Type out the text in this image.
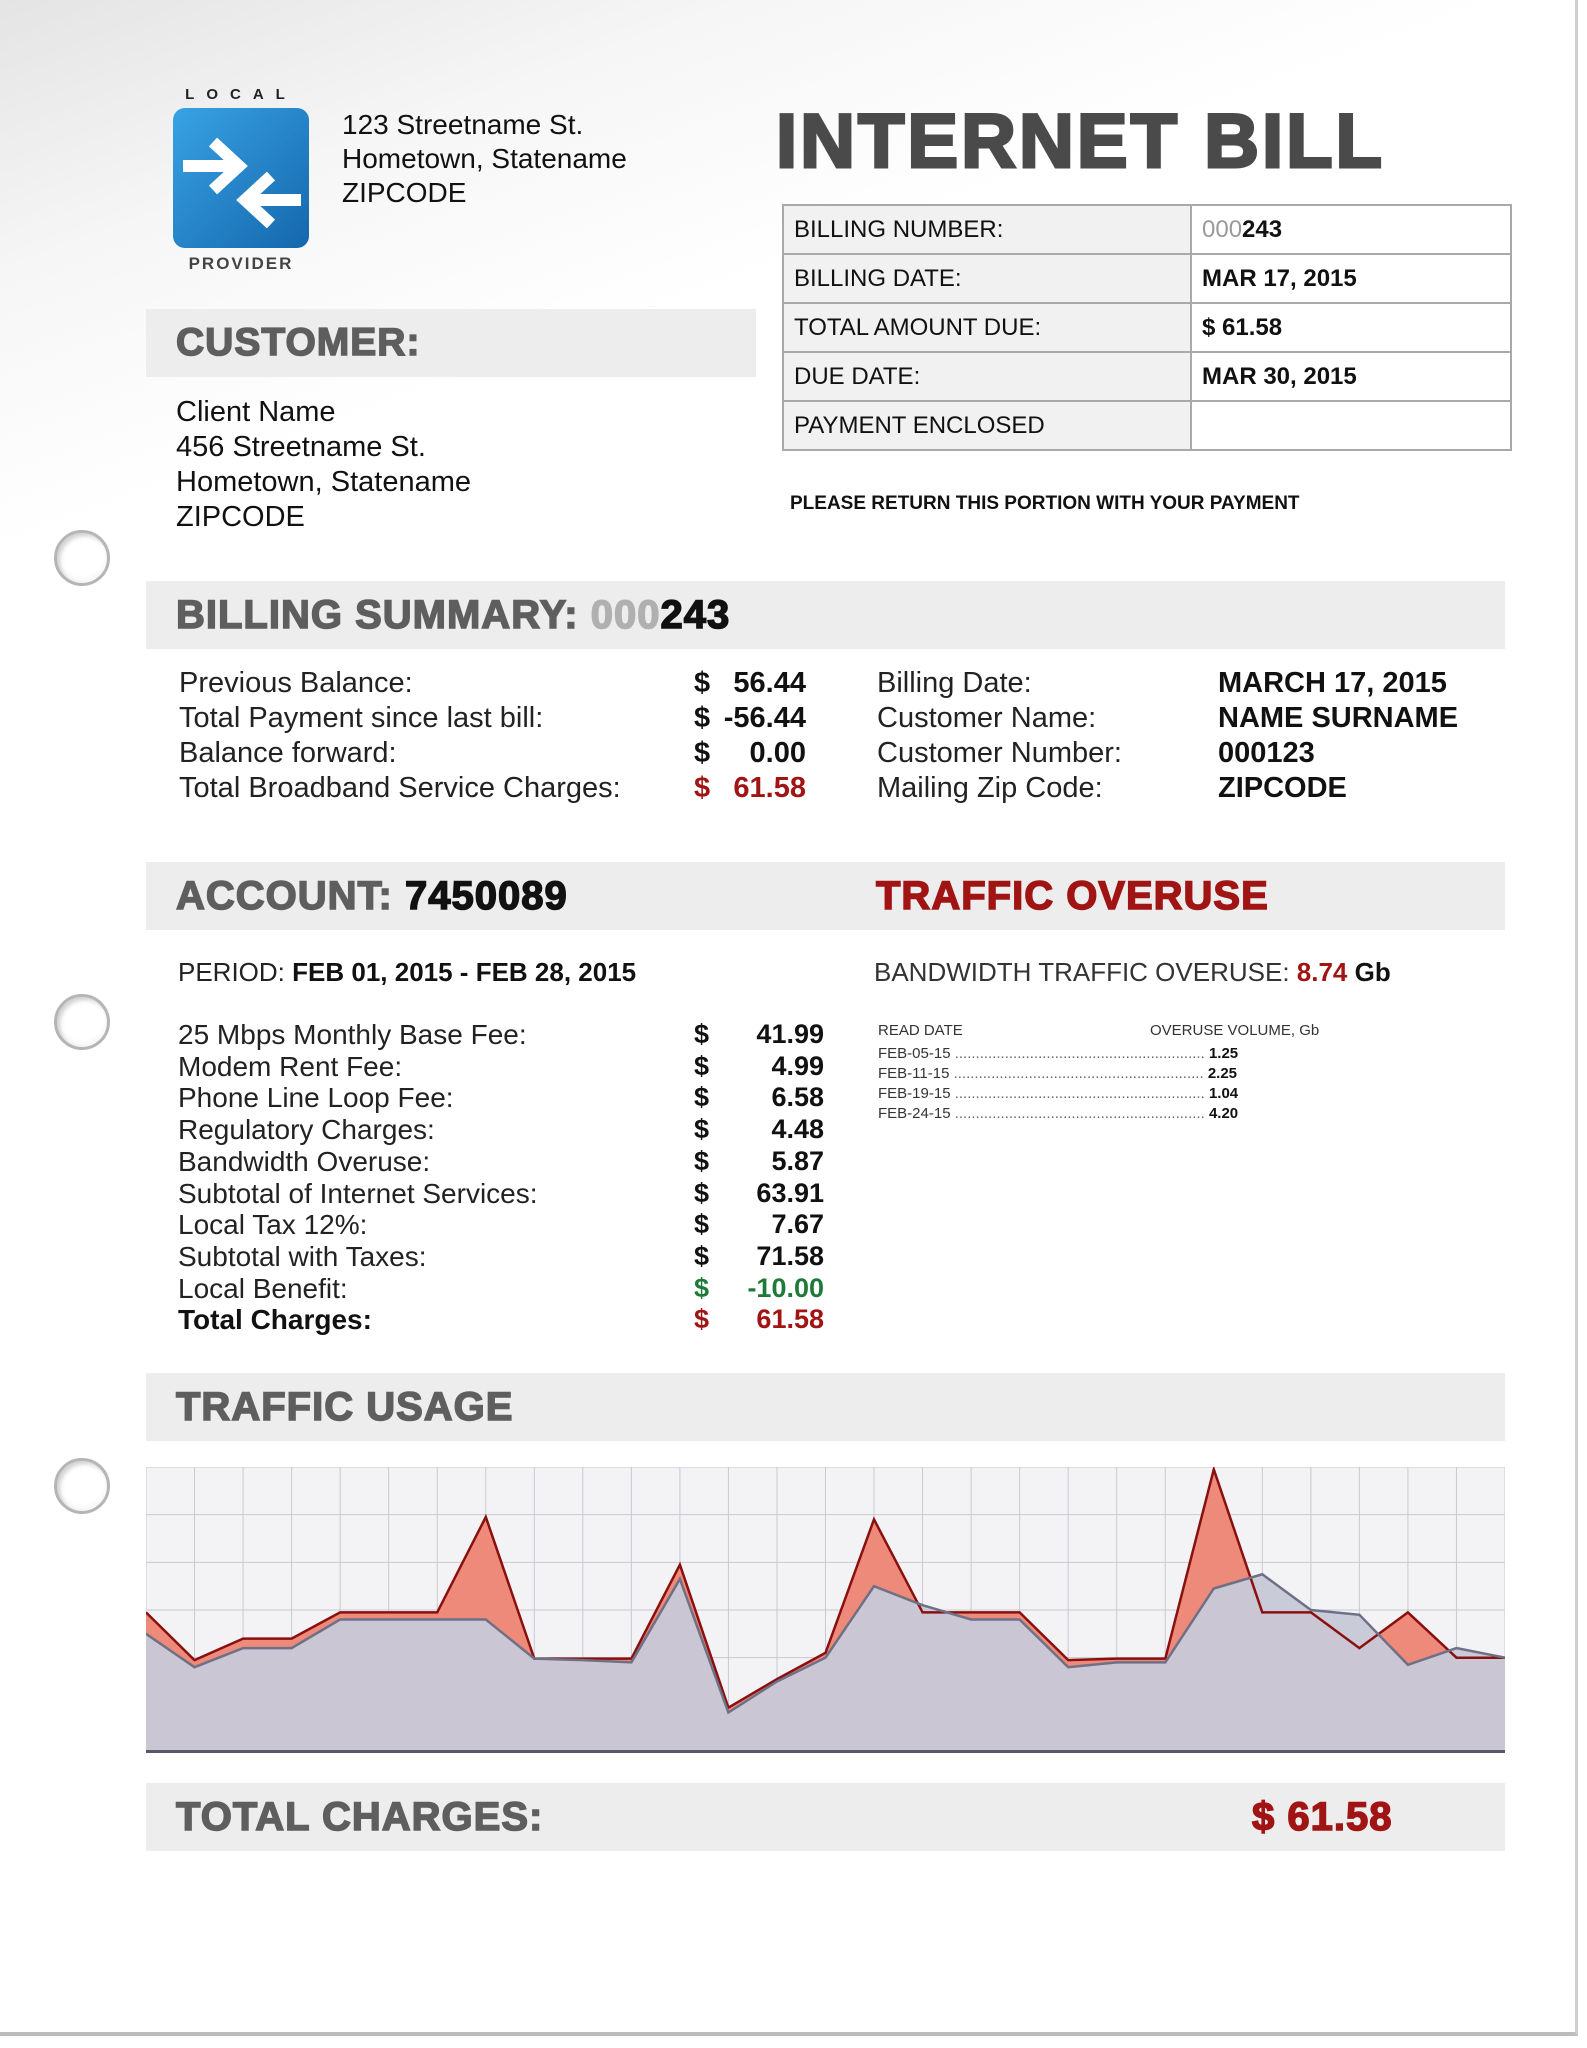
LOCAL
PROVIDER
123 Streetname St.
Hometown, Statename
ZIPCODE
INTERNET BILL
BILLING NUMBER:	000243
BILLING DATE:	MAR 17, 2015
TOTAL AMOUNT DUE:	$ 61.58
DUE DATE:	MAR 30, 2015
PAYMENT ENCLOSED	
PLEASE RETURN THIS PORTION WITH YOUR PAYMENT
CUSTOMER:
Client Name
456 Streetname St.
Hometown, Statename
ZIPCODE
BILLING SUMMARY: 000243
Previous Balance:	$ 56.44
Total Payment since last bill:	$ -56.44
Balance forward:	$	0.00
Total Broadband Service Charges:	$ 61.58
Billing Date:	MARCH 17, 2015
Customer Name:	NAME SURNAME
Customer Number:	000123
Mailing Zip Code:	ZIPCODE
ACCOUNT: 7450089	TRAFFIC OVERUSE
PERIOD: FEB 01, 2015 - FEB 28, 2015	BANDWIDTH TRAFFIC OVERUSE: 8.74 Gb
25 Mbps Monthly Base Fee:	$	41.99
Modem Rent Fee:	$	4.99
Phone Line Loop Fee:	$	6.58
Regulatory Charges:	$	4.48
Bandwidth Overuse:	$	5.87
Subtotal of Internet Services:	$	63.91
Local Tax 12%:	$	7.67
Subtotal with Taxes:	$	71.58
Local Benefit:	$	-10.00
Total Charges:	$	61.58
READ DATE	OVERUSE VOLUME, Gb
FEB-05-15 ............................................................ 1.25
FEB-11-15 ............................................................ 2.25
FEB-19-15 ............................................................ 1.04
FEB-24-15 ............................................................ 4.20
TRAFFIC USAGE
TOTAL CHARGES:	$ 61.58
